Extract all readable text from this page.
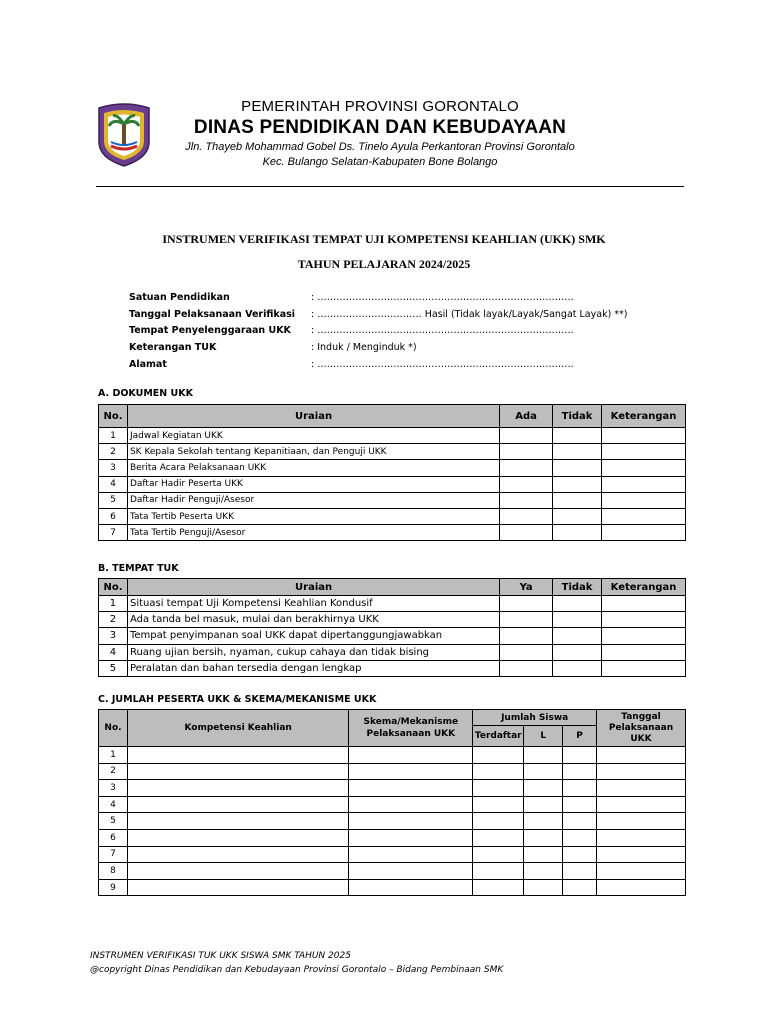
PEMERINTAH PROVINSI GORONTALO
DINAS PENDIDIKAN DAN KEBUDAYAAN
Jln. Thayeb Mohammad Gobel Ds. Tinelo Ayula Perkantoran Provinsi Gorontalo
Kec. Bulango Selatan-Kabupaten Bone Bolango
INSTRUMEN VERIFIKASI TEMPAT UJI KOMPETENSI KEAHLIAN (UKK) SMK
TAHUN PELAJARAN 2024/2025
Satuan Pendidikan	: ………………………………………………………………………
Tanggal Pelaksanaan Verifikasi	: …………………………… Hasil (Tidak layak/Layak/Sangat Layak) **)
Tempat Penyelenggaraan UKK	: ………………………………………………………………………
Keterangan TUK	: Induk / Menginduk *)
Alamat	: ………………………………………………………………………
A. DOKUMEN UKK
No.	Uraian	Ada	Tidak	Keterangan
1	Jadwal Kegiatan UKK			
2	SK Kepala Sekolah tentang Kepanitiaan, dan Penguji UKK			
3	Berita Acara Pelaksanaan UKK			
4	Daftar Hadir Peserta UKK			
5	Daftar Hadir Penguji/Asesor			
6	Tata Tertib Peserta UKK			
7	Tata Tertib Penguji/Asesor			
B. TEMPAT TUK
No.	Uraian	Ya	Tidak	Keterangan
1	Situasi tempat Uji Kompetensi Keahlian Kondusif			
2	Ada tanda bel masuk, mulai dan berakhirnya UKK			
3	Tempat penyimpanan soal UKK dapat dipertanggungjawabkan			
4	Ruang ujian bersih, nyaman, cukup cahaya dan tidak bising			
5	Peralatan dan bahan tersedia dengan lengkap			
C. JUMLAH PESERTA UKK & SKEMA/MEKANISME UKK
No.	Kompetensi Keahlian	Skema/Mekanisme Pelaksanaan UKK	Jumlah Siswa			Tanggal Pelaksanaan UKK
			Terdaftar	L	P	
1						
2						
3						
4						
5						
6						
7						
8						
9						
INSTRUMEN VERIFIKASI TUK UKK SISWA SMK TAHUN 2025
@copyright Dinas Pendidikan dan Kebudayaan Provinsi Gorontalo – Bidang Pembinaan SMK
